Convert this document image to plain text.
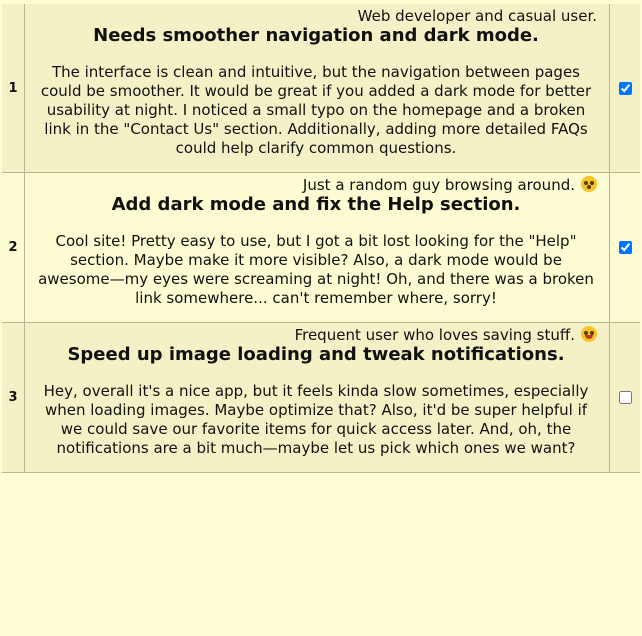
1
Web developer and casual user.
Needs smoother navigation and dark mode.
The interface is clean and intuitive, but the navigation between pages could be smoother. It would be great if you added a dark mode for better usability at night. I noticed a small typo on the homepage and a broken link in the "Contact Us" section. Additionally, adding more detailed FAQs could help clarify common questions.
2
Just a random guy browsing around.
Add dark mode and fix the Help section.
Cool site! Pretty easy to use, but I got a bit lost looking for the "Help" section. Maybe make it more visible? Also, a dark mode would be awesome—my eyes were screaming at night! Oh, and there was a broken link somewhere... can't remember where, sorry!
3
Frequent user who loves saving stuff.
Speed up image loading and tweak notifications.
Hey, overall it's a nice app, but it feels kinda slow sometimes, especially when loading images. Maybe optimize that? Also, it'd be super helpful if we could save our favorite items for quick access later. And, oh, the notifications are a bit much—maybe let us pick which ones we want?
